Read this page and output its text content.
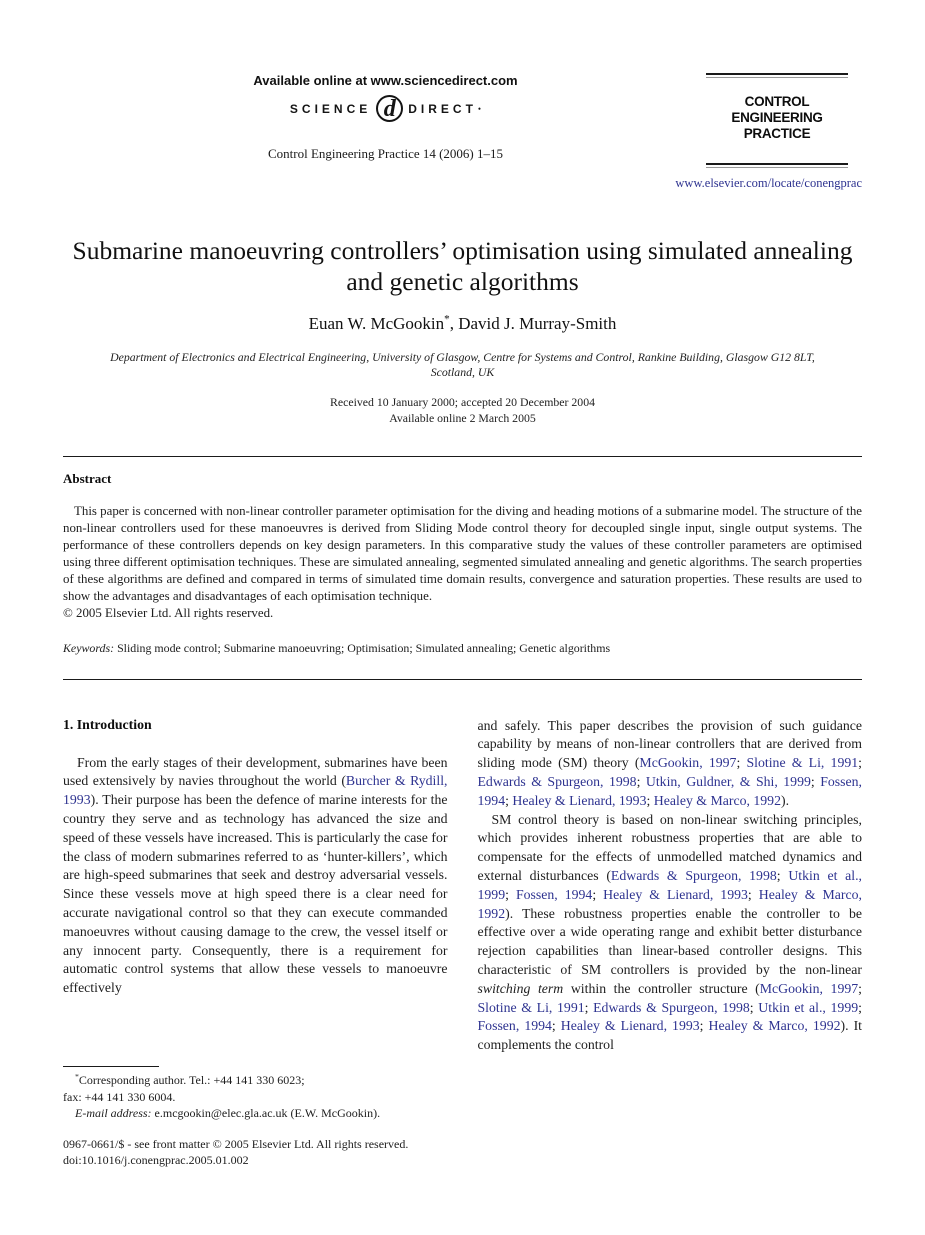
Available online at www.sciencedirect.com
SCIENCE d	DIRECT •
Control Engineering Practice 14 (2006) 1–15
CONTROL ENGINEERING
PRACTICE
www.elsevier.com/locate/conengprac
Submarine manoeuvring controllers’ optimisation using simulated annealing and genetic algorithms
Euan W. McGookin*, David J. Murray-Smith
Department of Electronics and Electrical Engineering, University of Glasgow, Centre for Systems and Control, Rankine Building, Glasgow G12 8LT,
Scotland, UK
Received 10 January 2000; accepted 20 December 2004
Available online 2 March 2005
Abstract

This paper is concerned with non-linear controller parameter optimisation for the diving and heading motions of a submarine model. The structure of the non-linear controllers used for these manoeuvres is derived from Sliding Mode control theory for decoupled single input, single output systems. The performance of these controllers depends on key design parameters. In this comparative study the values of these controller parameters are optimised using three different optimisation techniques. These are simulated annealing, segmented simulated annealing and genetic algorithms. The search properties of these algorithms are defined and compared in terms of simulated time domain results, convergence and saturation properties. These results are used to show the advantages and disadvantages of each optimisation technique.

© 2005 Elsevier Ltd. All rights reserved.

Keywords: Sliding mode control; Submarine manoeuvring; Optimisation; Simulated annealing; Genetic algorithms

1. Introduction

From the early stages of their development, submarines have been used extensively by navies throughout the world (Burcher & Rydill, 1993). Their purpose has been the defence of marine interests for the country they serve and as technology has advanced the size and speed of these vessels have increased. This is particularly the case for the class of modern submarines referred to as ‘hunter-killers’, which are high-speed submarines that seek and destroy adversarial vessels. Since these vessels move at high speed there is a clear need for accurate navigational control so that they can execute commanded manoeuvres without causing damage to the crew, the vessel itself or any innocent party. Consequently, there is a requirement for automatic control systems that allow these vessels to manoeuvre effectively

*Corresponding author. Tel.: +44 141 330 6023;

fax: +44 141 330 6004.

E-mail address: e.mcgookin@elec.gla.ac.uk (E.W. McGookin).

0967-0661/$ - see front matter © 2005 Elsevier Ltd. All rights reserved.

doi:10.1016/j.conengprac.2005.01.002

and safely. This paper describes the provision of such guidance capability by means of non-linear controllers that are derived from sliding mode (SM) theory (McGookin, 1997; Slotine & Li, 1991; Edwards & Spurgeon, 1998; Utkin, Guldner, & Shi, 1999; Fossen, 1994; Healey & Lienard, 1993; Healey & Marco, 1992).

SM control theory is based on non-linear switching principles, which provides inherent robustness properties that are able to compensate for the effects of unmodelled matched dynamics and external disturbances (Edwards & Spurgeon, 1998; Utkin et al., 1999; Fossen, 1994; Healey & Lienard, 1993; Healey & Marco, 1992). These robustness properties enable the controller to be effective over a wide operating range and exhibit better disturbance rejection capabilities than linear-based controller designs. This characteristic of SM controllers is provided by the non-linear switching term within the controller structure (McGookin, 1997; Slotine & Li, 1991; Edwards & Spurgeon, 1998; Utkin et al., 1999; Fossen, 1994; Healey & Lienard, 1993; Healey & Marco, 1992). It complements the control
